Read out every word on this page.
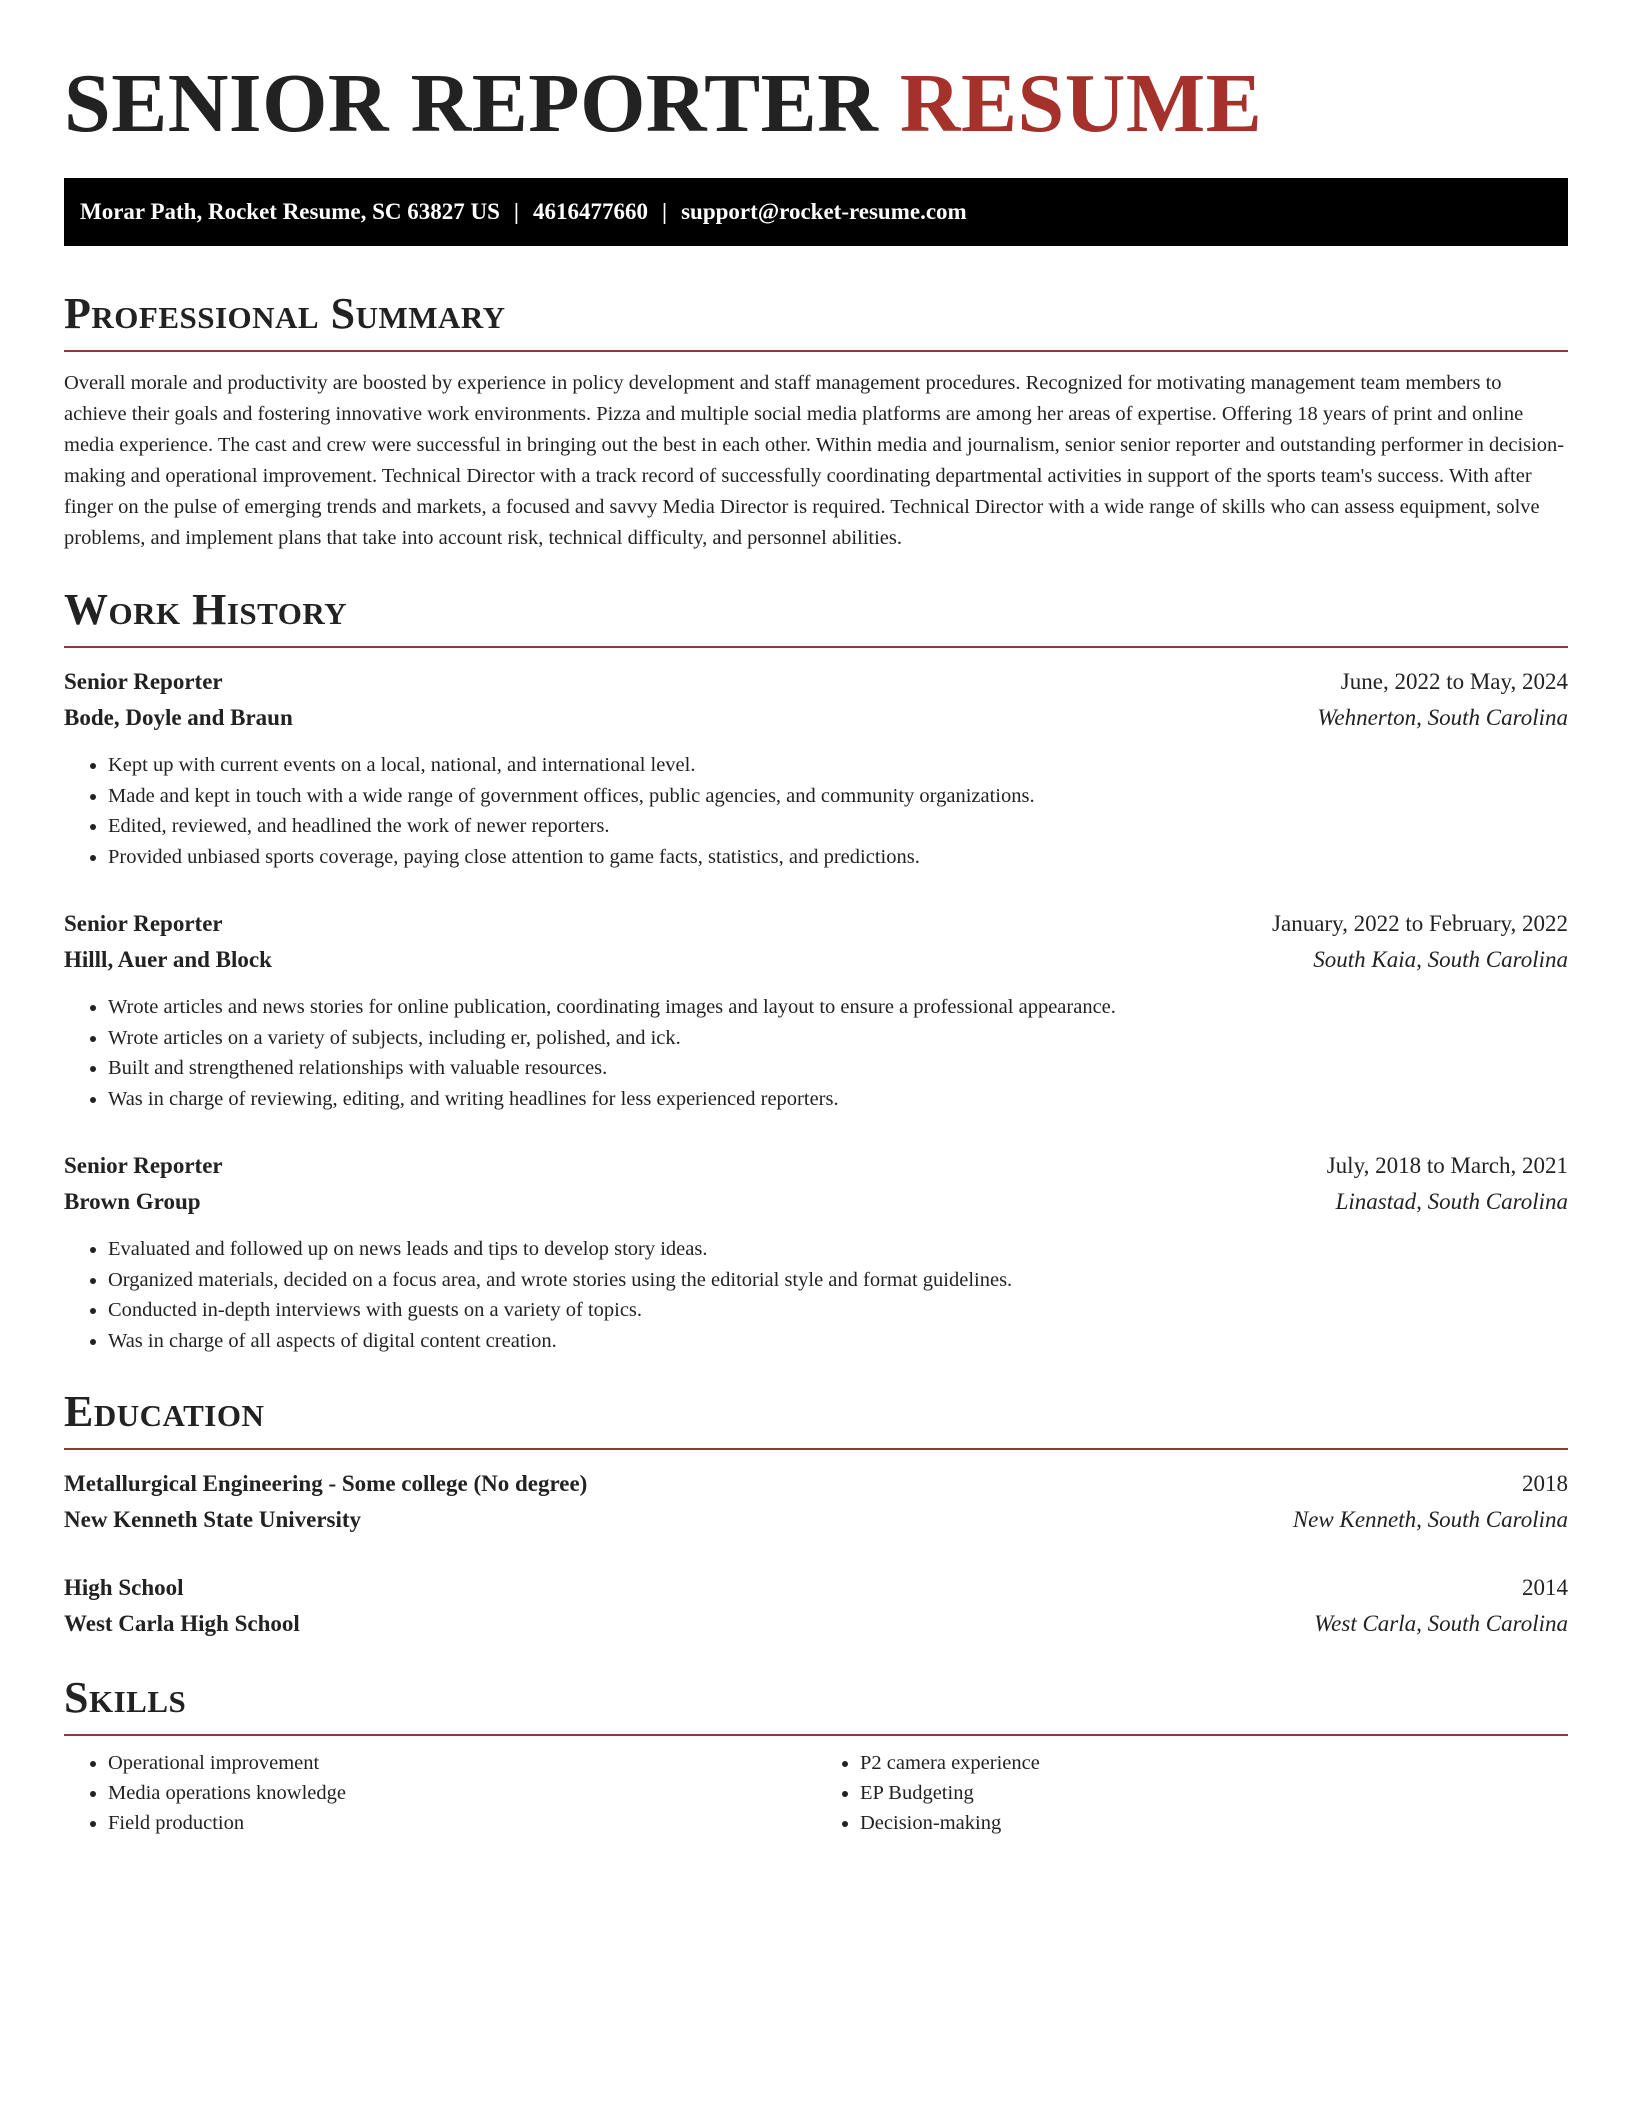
SENIOR REPORTER RESUME
Morar Path, Rocket Resume, SC 63827 US | 4616477660 | support@rocket-resume.com
Professional Summary

Overall morale and productivity are boosted by experience in policy development and staff management procedures. Recognized for motivating management team members to achieve their goals and fostering innovative work environments. Pizza and multiple social media platforms are among her areas of expertise. Offering 18 years of print and online media experience. The cast and crew were successful in bringing out the best in each other. Within media and journalism, senior senior reporter and outstanding performer in decision-making and operational improvement. Technical Director with a track record of successfully coordinating departmental activities in support of the sports team's success. With after finger on the pulse of emerging trends and markets, a focused and savvy Media Director is required. Technical Director with a wide range of skills who can assess equipment, solve problems, and implement plans that take into account risk, technical difficulty, and personnel abilities.

Work History
Senior Reporter	June, 2022 to May, 2024
Bode, Doyle and Braun	Wehnerton, South Carolina
• Kept up with current events on a local, national, and international level.
• Made and kept in touch with a wide range of government offices, public agencies, and community organizations.
• Edited, reviewed, and headlined the work of newer reporters.
• Provided unbiased sports coverage, paying close attention to game facts, statistics, and predictions.
Senior Reporter	January, 2022 to February, 2022
Hilll, Auer and Block	South Kaia, South Carolina
• Wrote articles and news stories for online publication, coordinating images and layout to ensure a professional appearance.
• Wrote articles on a variety of subjects, including er, polished, and ick.
• Built and strengthened relationships with valuable resources.
• Was in charge of reviewing, editing, and writing headlines for less experienced reporters.
Senior Reporter	July, 2018 to March, 2021
Brown Group	Linastad, South Carolina
• Evaluated and followed up on news leads and tips to develop story ideas.
• Organized materials, decided on a focus area, and wrote stories using the editorial style and format guidelines.
• Conducted in-depth interviews with guests on a variety of topics.
• Was in charge of all aspects of digital content creation.
Education
Metallurgical Engineering - Some college (No degree)	2018
New Kenneth State University	New Kenneth, South Carolina
High School	2014
West Carla High School	West Carla, South Carolina
Skills
• Operational improvement
• Media operations knowledge
• Field production
• P2 camera experience
• EP Budgeting
• Decision-making
